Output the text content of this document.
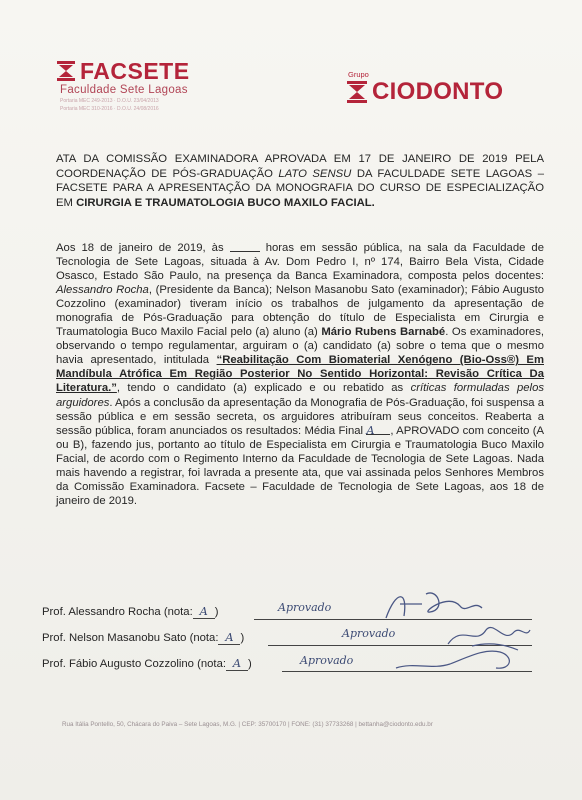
FACSETE
Faculdade Sete Lagoas
Portaria MEC 249-2013 · D.O.U. 23/04/2013
Portaria MEC 310-2016 · D.O.U. 24/08/2016
Grupo
CIODONTO
ATA DA COMISSÃO EXAMINADORA APROVADA EM 17 DE JANEIRO DE 2019 PELA COORDENAÇÃO DE PÓS-GRADUAÇÃO LATO SENSU DA FACULDADE SETE LAGOAS – FACSETE PARA A APRESENTAÇÃO DA MONOGRAFIA DO CURSO DE ESPECIALIZAÇÃO EM CIRURGIA E TRAUMATOLOGIA BUCO MAXILO FACIAL.
Aos 18 de janeiro de 2019, às	horas em sessão pública, na sala da Faculdade de Tecnologia de Sete Lagoas, situada à Av. Dom Pedro I, nº 174, Bairro Bela Vista, Cidade Osasco, Estado São Paulo, na presença da Banca Examinadora, composta pelos docentes: Alessandro Rocha, (Presidente da Banca); Nelson Masanobu Sato (examinador); Fábio Augusto Cozzolino (examinador) tiveram início os trabalhos de julgamento da apresentação de monografia de Pós-Graduação para obtenção do título de Especialista em Cirurgia e Traumatologia Buco Maxilo Facial pelo (a) aluno (a) Mário Rubens Barnabé. Os examinadores, observando o tempo regulamentar, arguiram o (a) candidato (a) sobre o tema que o mesmo havia apresentado, intitulada “Reabilitação Com Biomaterial Xenógeno (Bio-Oss®) Em Mandíbula Atrófica Em Região Posterior No Sentido Horizontal: Revisão Crítica Da Literatura.”, tendo o candidato (a) explicado e ou rebatido as críticas formuladas pelos arguidores. Após a conclusão da apresentação da Monografia de Pós-Graduação, foi suspensa a sessão pública e em sessão secreta, os arguidores atribuíram seus conceitos. Reaberta a sessão pública, foram anunciados os resultados: Média Final A , APROVADO com conceito (A ou B), fazendo jus, portanto ao título de Especialista em Cirurgia e Traumatologia Buco Maxilo Facial, de acordo com o Regimento Interno da Faculdade de Tecnologia de Sete Lagoas. Nada mais havendo a registrar, foi lavrada a presente ata, que vai assinada pelos Senhores Membros da Comissão Examinadora. Facsete – Faculdade de Tecnologia de Sete Lagoas, aos 18 de janeiro de 2019.
Prof. Alessandro Rocha (nota: A )	Aprovado
Prof. Nelson Masanobu Sato (nota: A )	Aprovado
Prof. Fábio Augusto Cozzolino (nota: A )	Aprovado
Rua Itália Pontello, 50, Chácara do Paiva – Sete Lagoas, M.G. | CEP: 35700170 | FONE: (31) 37733268 | bettanha@ciodonto.edu.br
